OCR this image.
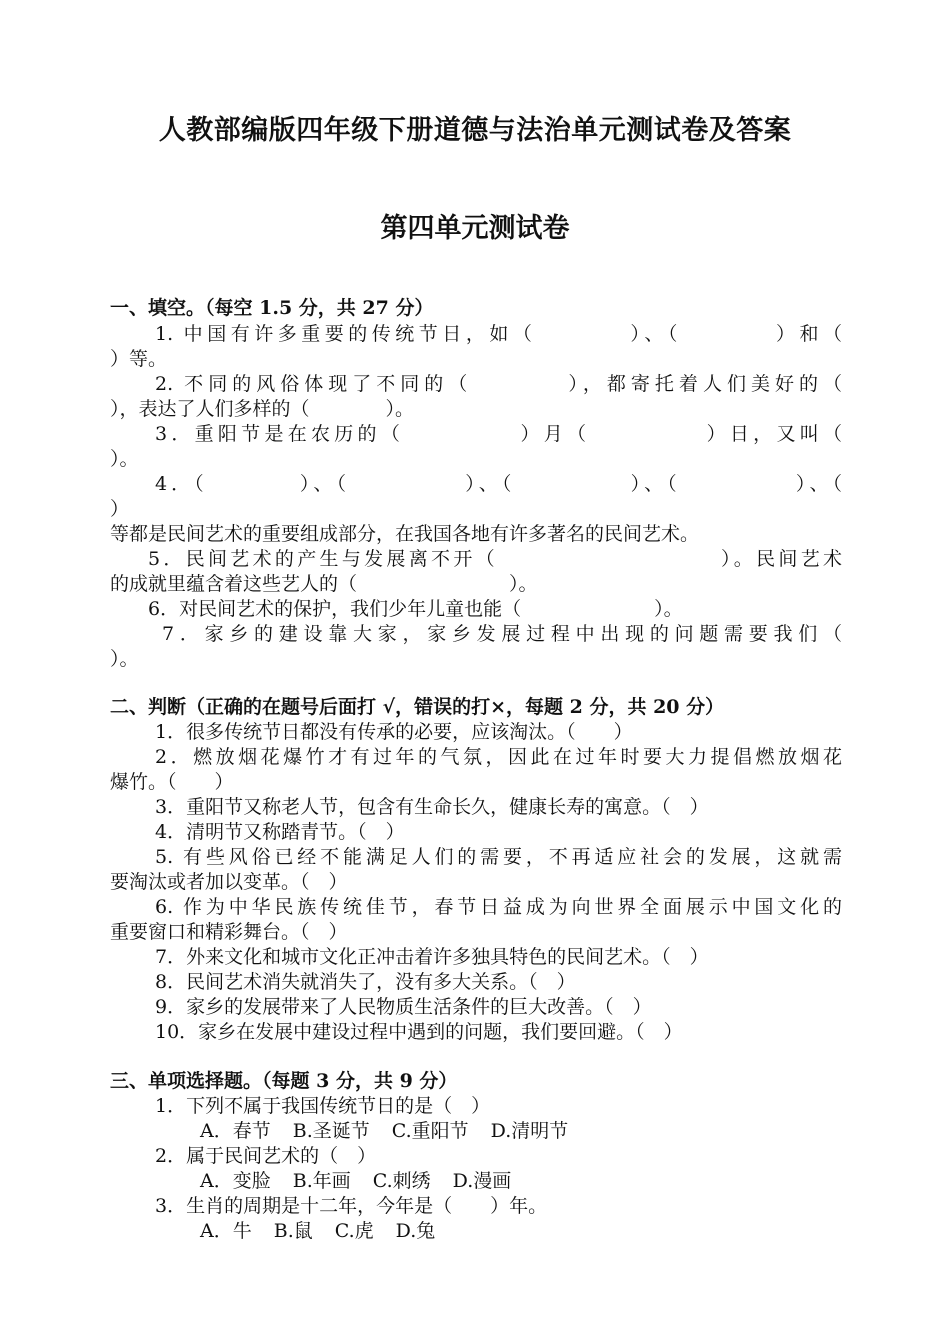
人教部编版四年级下册道德与法治单元测试卷及答案
第四单元测试卷

一、填空。（每空 1.5 分，共 27 分）

1. 中国有许多重要的传统节日，如（　　　　）、（　　　　）和（

）等。

2. 不同的风俗体现了不同的（　　　　），都寄托着人们美好的（

），表达了人们多样的（　　　　）。

3．重阳节是在农历的（　　　　　）月（　　　　　）日，又叫（

）。

4．（　　　　）、（　　　　　）、（　　　　　）、（　　　　　）、（

）

等都是民间艺术的重要组成部分，在我国各地有许多著名的民间艺术。

5．民间艺术的产生与发展离不开（　　　　　　　　　　）。民间艺术

的成就里蕴含着这些艺人的（　　　　　　　　）。

6．对民间艺术的保护，我们少年儿童也能（　　　　　　　）。

7．家乡的建设靠大家，家乡发展过程中出现的问题需要我们（

）。

二、判断（正确的在题号后面打 √，错误的打×，每题 2 分，共 20 分）

1．很多传统节日都没有传承的必要，应该淘汰。（　　）

2．燃放烟花爆竹才有过年的气氛，因此在过年时要大力提倡燃放烟花

爆竹。（　　）

3．重阳节又称老人节，包含有生命长久，健康长寿的寓意。（　）

4．清明节又称踏青节。（　）

5. 有些风俗已经不能满足人们的需要，不再适应社会的发展，这就需

要淘汰或者加以变革。（　）

6. 作为中华民族传统佳节，春节日益成为向世界全面展示中国文化的

重要窗口和精彩舞台。（　）

7．外来文化和城市文化正冲击着许多独具特色的民间艺术。（　）

8．民间艺术消失就消失了，没有多大关系。（　）

9．家乡的发展带来了人民物质生活条件的巨大改善。（　）

10．家乡在发展中建设过程中遇到的问题，我们要回避。（　）

三、单项选择题。（每题 3 分，共 9 分）

1．下列不属于我国传统节日的是（　）

A．春节 B.圣诞节 C.重阳节 D.清明节

2．属于民间艺术的（　）

A．变脸 B.年画 C.刺绣 D.漫画

3．生肖的周期是十二年，今年是（　　）年。

A．牛 B.鼠 C.虎 D.兔
